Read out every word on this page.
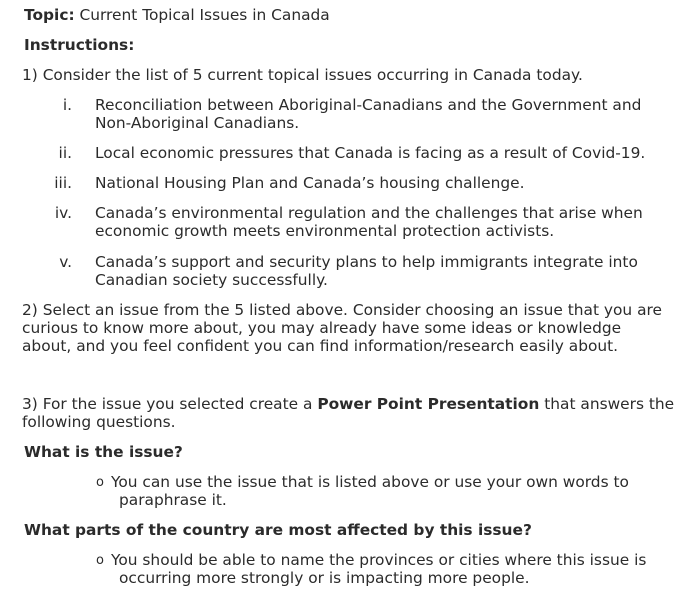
Topic: Current Topical Issues in Canada
Instructions:
1) Consider the list of 5 current topical issues occurring in Canada today.
i. Reconciliation between Aboriginal-Canadians and the Government and
Non-Aboriginal Canadians.
ii. Local economic pressures that Canada is facing as a result of Covid-19.
iii. National Housing Plan and Canada’s housing challenge.
iv. Canada’s environmental regulation and the challenges that arise when
economic growth meets environmental protection activists.
v. Canada’s support and security plans to help immigrants integrate into
Canadian society successfully.
2) Select an issue from the 5 listed above. Consider choosing an issue that you are
curious to know more about, you may already have some ideas or knowledge
about, and you feel confident you can find information/research easily about.
3) For the issue you selected create a Power Point Presentation that answers the
following questions.
What is the issue?
o You can use the issue that is listed above or use your own words to
paraphrase it.
What parts of the country are most affected by this issue?
o You should be able to name the provinces or cities where this issue is
occurring more strongly or is impacting more people.
